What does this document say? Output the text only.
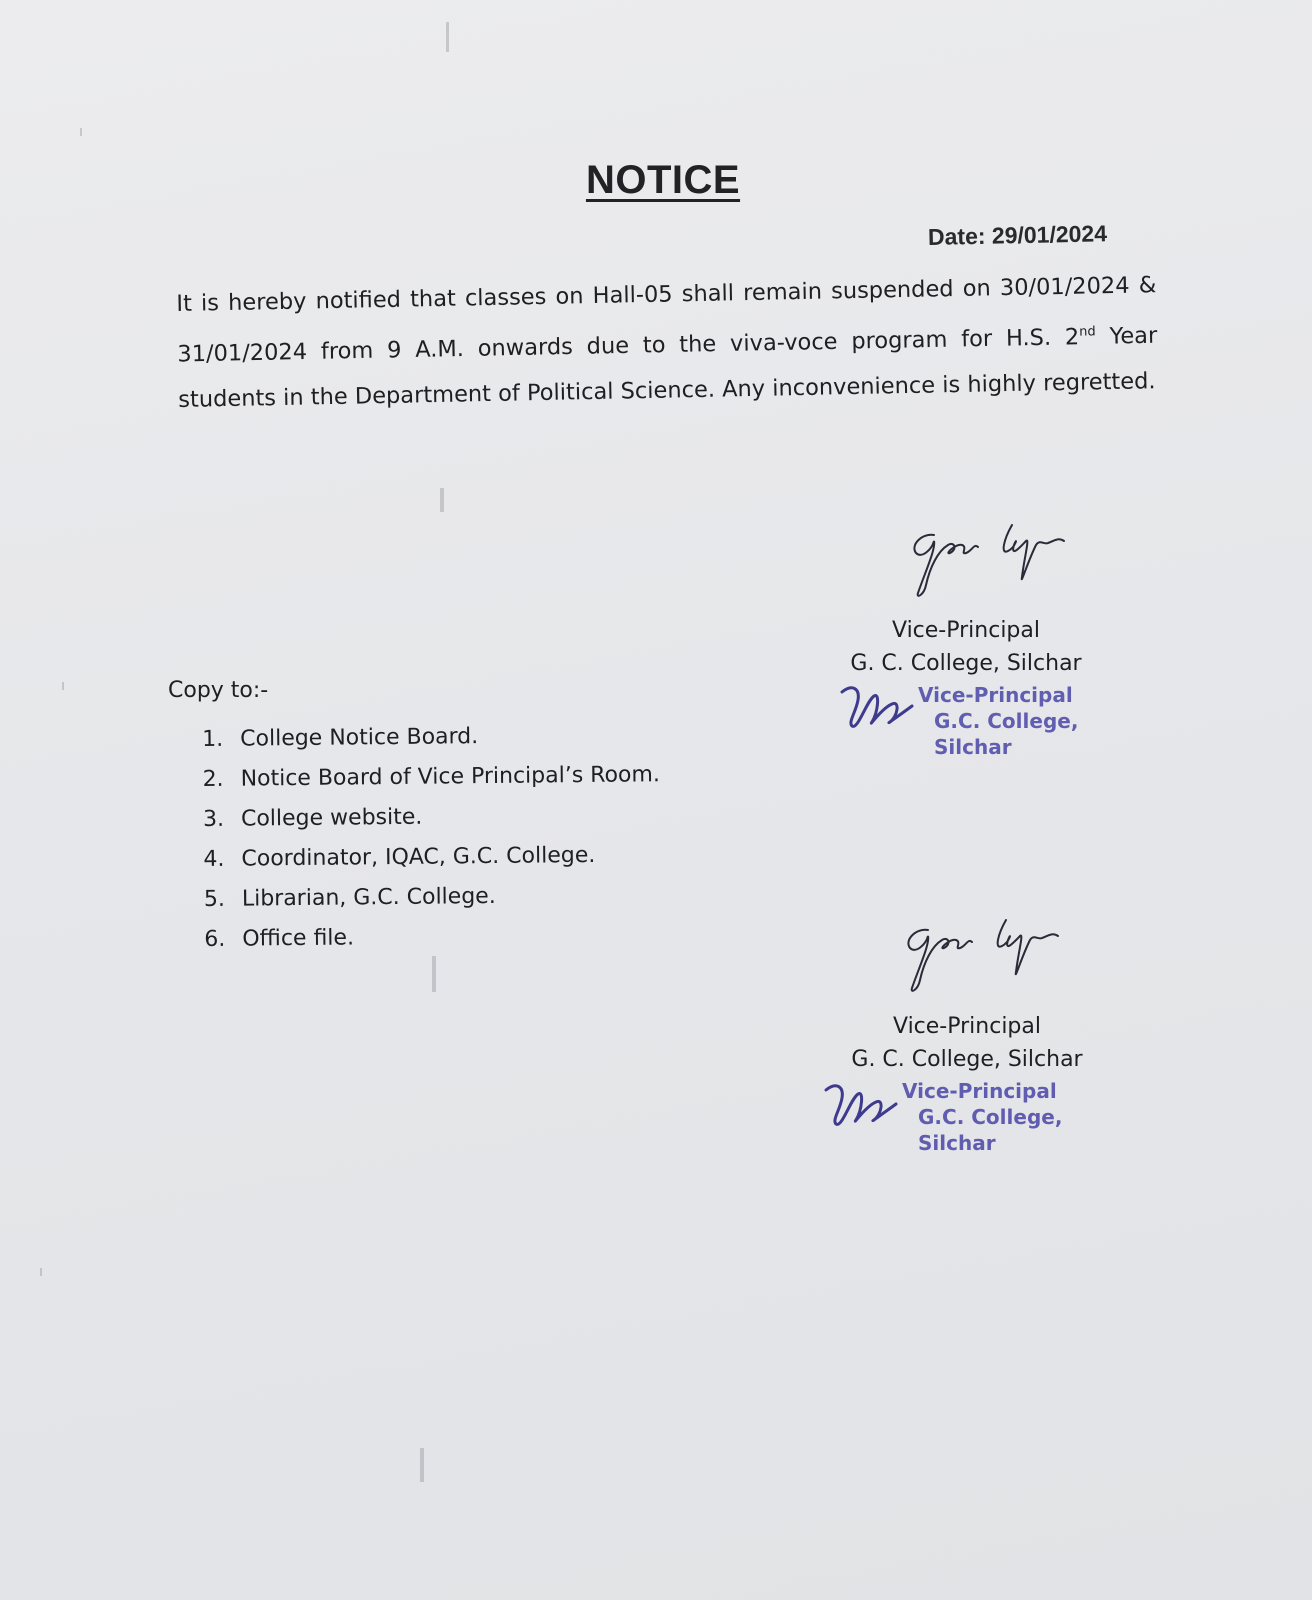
NOTICE
Date: 29/01/2024
It is hereby notified that classes on Hall-05 shall remain suspended on 30/01/2024 & 31/01/2024 from 9 A.M. onwards due to the viva-voce program for H.S. 2nd Year students in the Department of Political Science. Any inconvenience is highly regretted.
Vice-Principal
G. C. College, Silchar
Vice-Principal
G.C. College, Silchar
Copy to:-
1. College Notice Board.
2. Notice Board of Vice Principal’s Room.
3. College website.
4. Coordinator, IQAC, G.C. College.
5. Librarian, G.C. College.
6. Office file.
Vice-Principal
G. C. College, Silchar
Vice-Principal
G.C. College, Silchar
